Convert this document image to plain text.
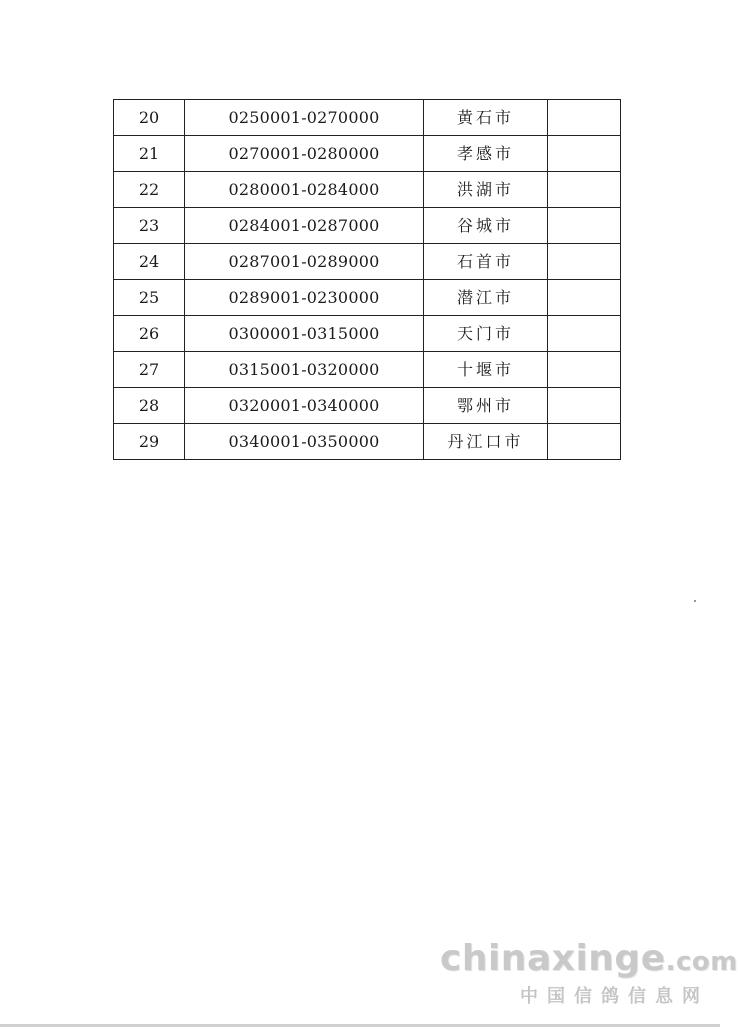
20	0250001-0270000	黄石市	
21	0270001-0280000	孝感市	
22	0280001-0284000	洪湖市	
23	0284001-0287000	谷城市	
24	0287001-0289000	石首市	
25	0289001-0230000	潜江市	
26	0300001-0315000	天门市	
27	0315001-0320000	十堰市	
28	0320001-0340000	鄂州市	
29	0340001-0350000	丹江口市	
chinaxinge.com
中国信鸽信息网
